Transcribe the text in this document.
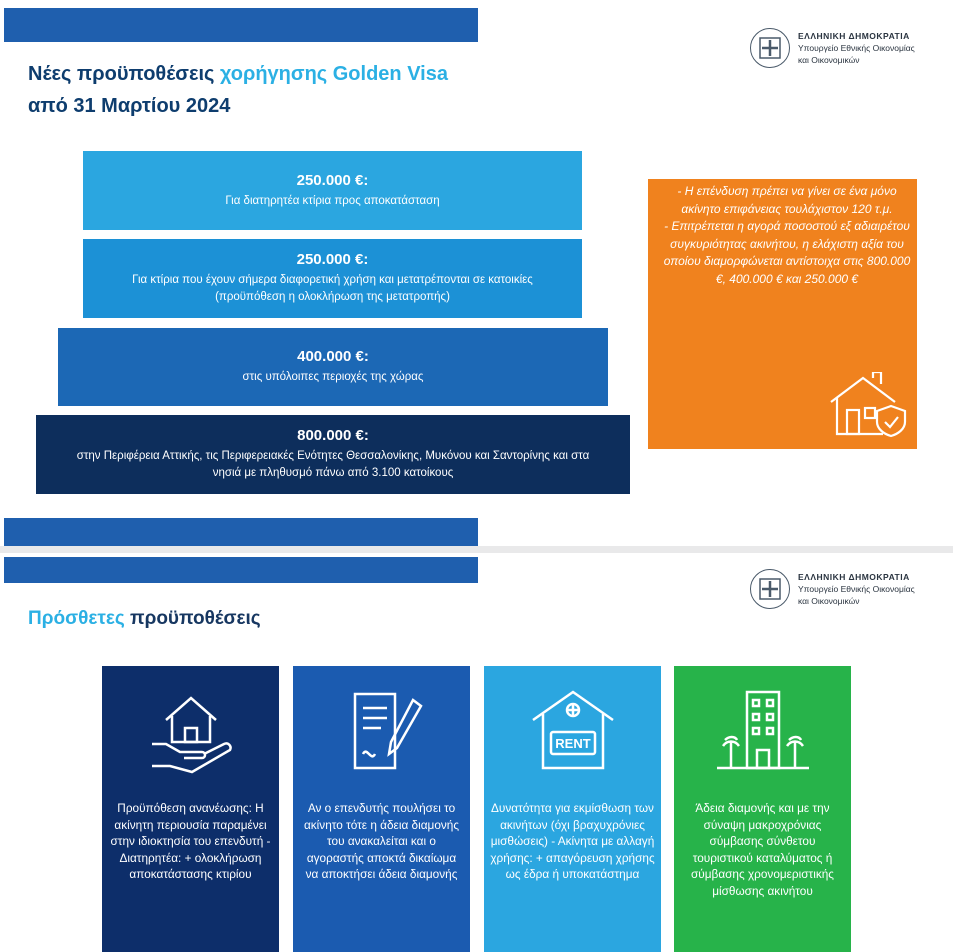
ΕΛΛΗΝΙΚΗ ΔΗΜΟΚΡΑΤΙΑ
Υπουργείο Εθνικής Οικονομίας
και Οικονομικών
Νέες προϋποθέσεις χορήγησης Golden Visa
από 31 Μαρτίου 2024
250.000 €:
Για διατηρητέα κτίρια προς αποκατάσταση
250.000 €:
Για κτίρια που έχουν σήμερα διαφορετική χρήση και μετατρέπονται σε κατοικίες (προϋπόθεση η ολοκλήρωση της μετατροπής)
400.000 €:
στις υπόλοιπες περιοχές της χώρας
800.000 €:
στην Περιφέρεια Αττικής, τις Περιφερειακές Ενότητες Θεσσαλονίκης, Μυκόνου και Σαντορίνης και στα νησιά με πληθυσμό πάνω από 3.100 κατοίκους
- Η επένδυση πρέπει να γίνει σε ένα μόνο ακίνητο επιφάνειας τουλάχιστον 120 τ.μ.
- Επιτρέπεται η αγορά ποσοστού εξ αδιαιρέτου συγκυριότητας ακινήτου, η ελάχιστη αξία του οποίου διαμορφώνεται αντίστοιχα στις 800.000 €, 400.000 € και 250.000 €
ΕΛΛΗΝΙΚΗ ΔΗΜΟΚΡΑΤΙΑ
Υπουργείο Εθνικής Οικονομίας
και Οικονομικών
Πρόσθετες προϋποθέσεις
Προϋπόθεση ανανέωσης: Η ακίνητη περιουσία παραμένει στην ιδιοκτησία του επενδυτή - Διατηρητέα: + ολοκλήρωση αποκατάστασης κτιρίου
Αν ο επενδυτής πουλήσει το ακίνητο τότε η άδεια διαμονής του ανακαλείται και ο αγοραστής αποκτά δικαίωμα να αποκτήσει άδεια διαμονής
RENT
Δυνατότητα για εκμίσθωση των ακινήτων (όχι βραχυχρόνιες μισθώσεις) - Ακίνητα με αλλαγή χρήσης: + απαγόρευση χρήσης ως έδρα ή υποκατάστημα
Άδεια διαμονής και με την σύναψη μακροχρόνιας σύμβασης σύνθετου τουριστικού καταλύματος ή σύμβασης χρονομεριστικής μίσθωσης ακινήτου
